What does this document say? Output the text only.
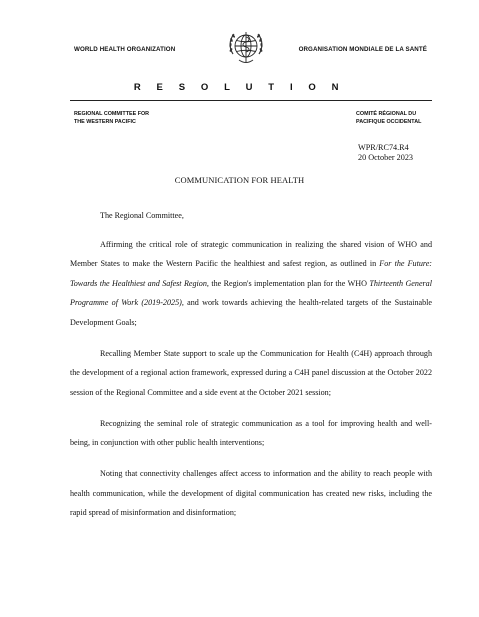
WORLD HEALTH ORGANIZATION	ORGANISATION MONDIALE DE LA SANTÉ
R E S O L U T I O N
REGIONAL COMMITTEE FOR
THE WESTERN PACIFIC
COMITÉ RÉGIONAL DU
PACIFIQUE OCCIDENTAL
WPR/RC74.R4
20 October 2023
COMMUNICATION FOR HEALTH

The Regional Committee,

Affirming the critical role of strategic communication in realizing the shared vision of WHO and Member States to make the Western Pacific the healthiest and safest region, as outlined in For the Future: Towards the Healthiest and Safest Region, the Region's implementation plan for the WHO Thirteenth General Programme of Work (2019-2025), and work towards achieving the health-related targets of the Sustainable Development Goals;

Recalling Member State support to scale up the Communication for Health (C4H) approach through the development of a regional action framework, expressed during a C4H panel discussion at the October 2022 session of the Regional Committee and a side event at the October 2021 session;

Recognizing the seminal role of strategic communication as a tool for improving health and well-being, in conjunction with other public health interventions;

Noting that connectivity challenges affect access to information and the ability to reach people with health communication, while the development of digital communication has created new risks, including the rapid spread of misinformation and disinformation;
